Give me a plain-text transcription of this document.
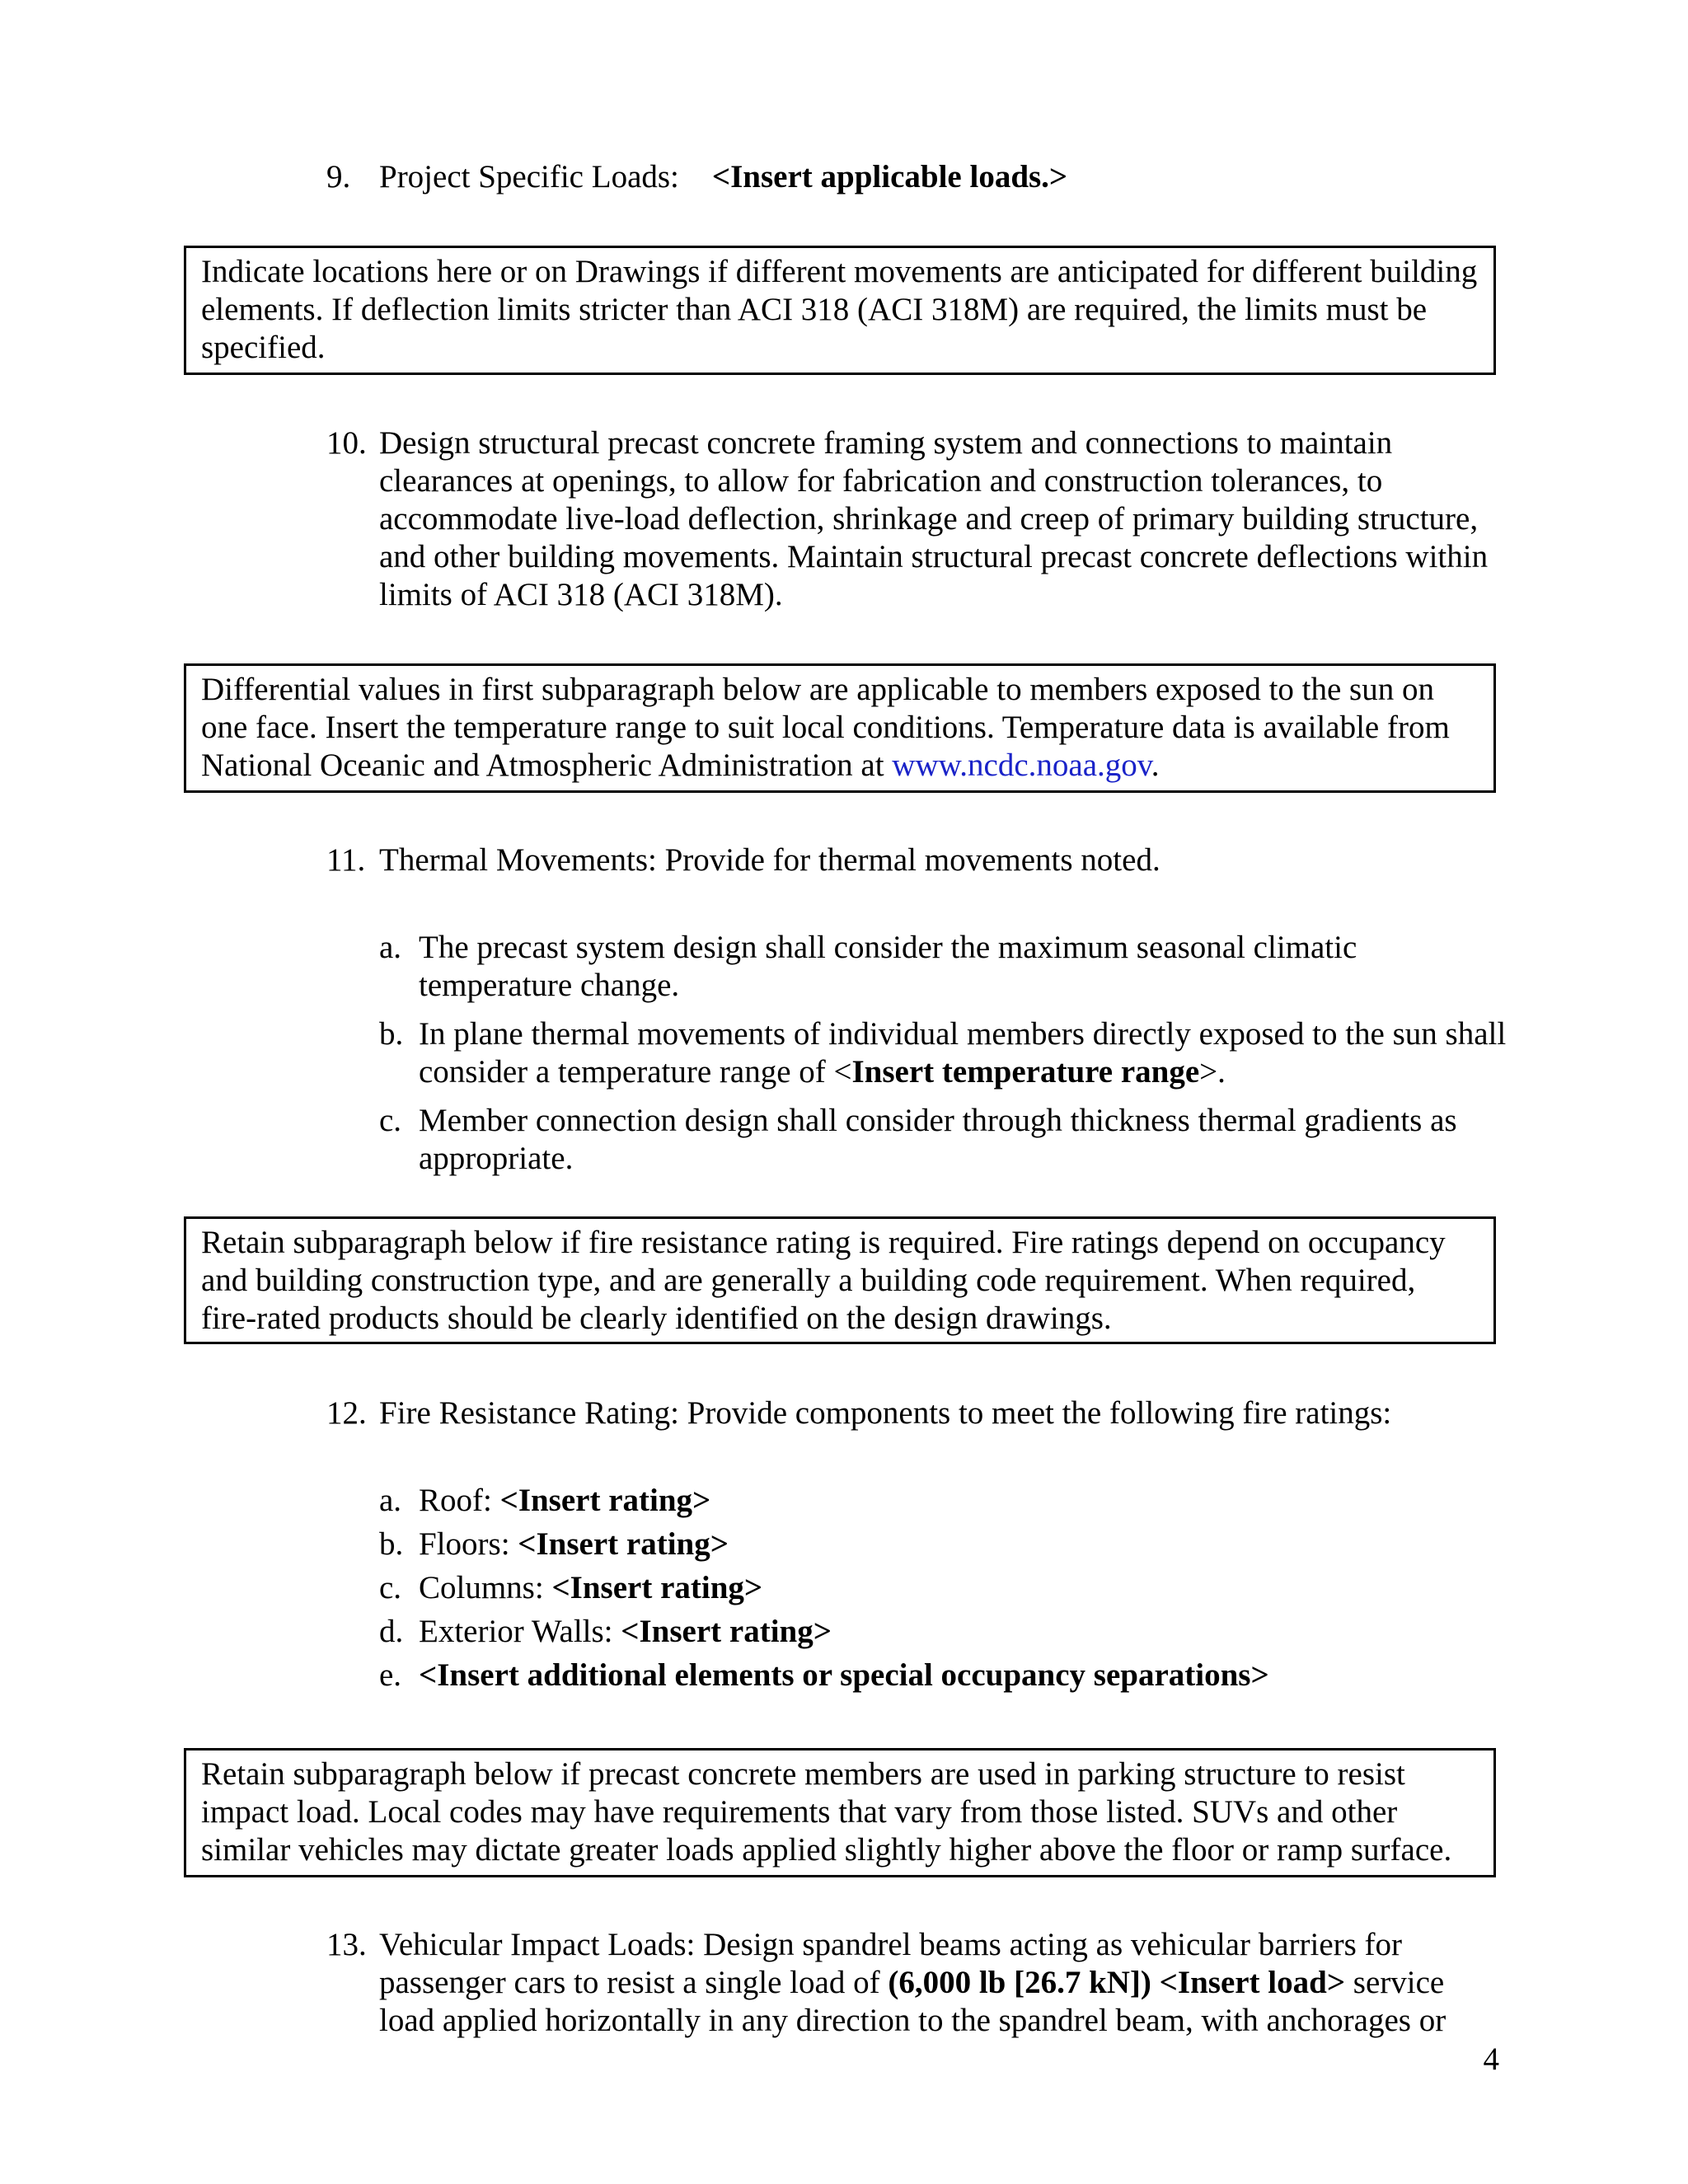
9. Project Specific Loads: <Insert applicable loads.>
Indicate locations here or on Drawings if different movements are anticipated for different building elements. If deflection limits stricter than ACI 318 (ACI 318M) are required, the limits must be specified.
10. Design structural precast concrete framing system and connections to maintain clearances at openings, to allow for fabrication and construction tolerances, to accommodate live-load deflection, shrinkage and creep of primary building structure, and other building movements. Maintain structural precast concrete deflections within limits of ACI 318 (ACI 318M).
Differential values in first subparagraph below are applicable to members exposed to the sun on one face. Insert the temperature range to suit local conditions. Temperature data is available from National Oceanic and Atmospheric Administration at www.ncdc.noaa.gov.
11. Thermal Movements: Provide for thermal movements noted.
a. The precast system design shall consider the maximum seasonal climatic temperature change.
b. In plane thermal movements of individual members directly exposed to the sun shall consider a temperature range of <Insert temperature range>.
c. Member connection design shall consider through thickness thermal gradients as appropriate.
Retain subparagraph below if fire resistance rating is required. Fire ratings depend on occupancy and building construction type, and are generally a building code requirement. When required, fire-rated products should be clearly identified on the design drawings.
12. Fire Resistance Rating: Provide components to meet the following fire ratings:
a. Roof: <Insert rating>
b. Floors: <Insert rating>
c. Columns: <Insert rating>
d. Exterior Walls: <Insert rating>
e. <Insert additional elements or special occupancy separations>
Retain subparagraph below if precast concrete members are used in parking structure to resist impact load. Local codes may have requirements that vary from those listed. SUVs and other similar vehicles may dictate greater loads applied slightly higher above the floor or ramp surface.
13. Vehicular Impact Loads: Design spandrel beams acting as vehicular barriers for passenger cars to resist a single load of (6,000 lb [26.7 kN]) <Insert load> service load applied horizontally in any direction to the spandrel beam, with anchorages or
4
